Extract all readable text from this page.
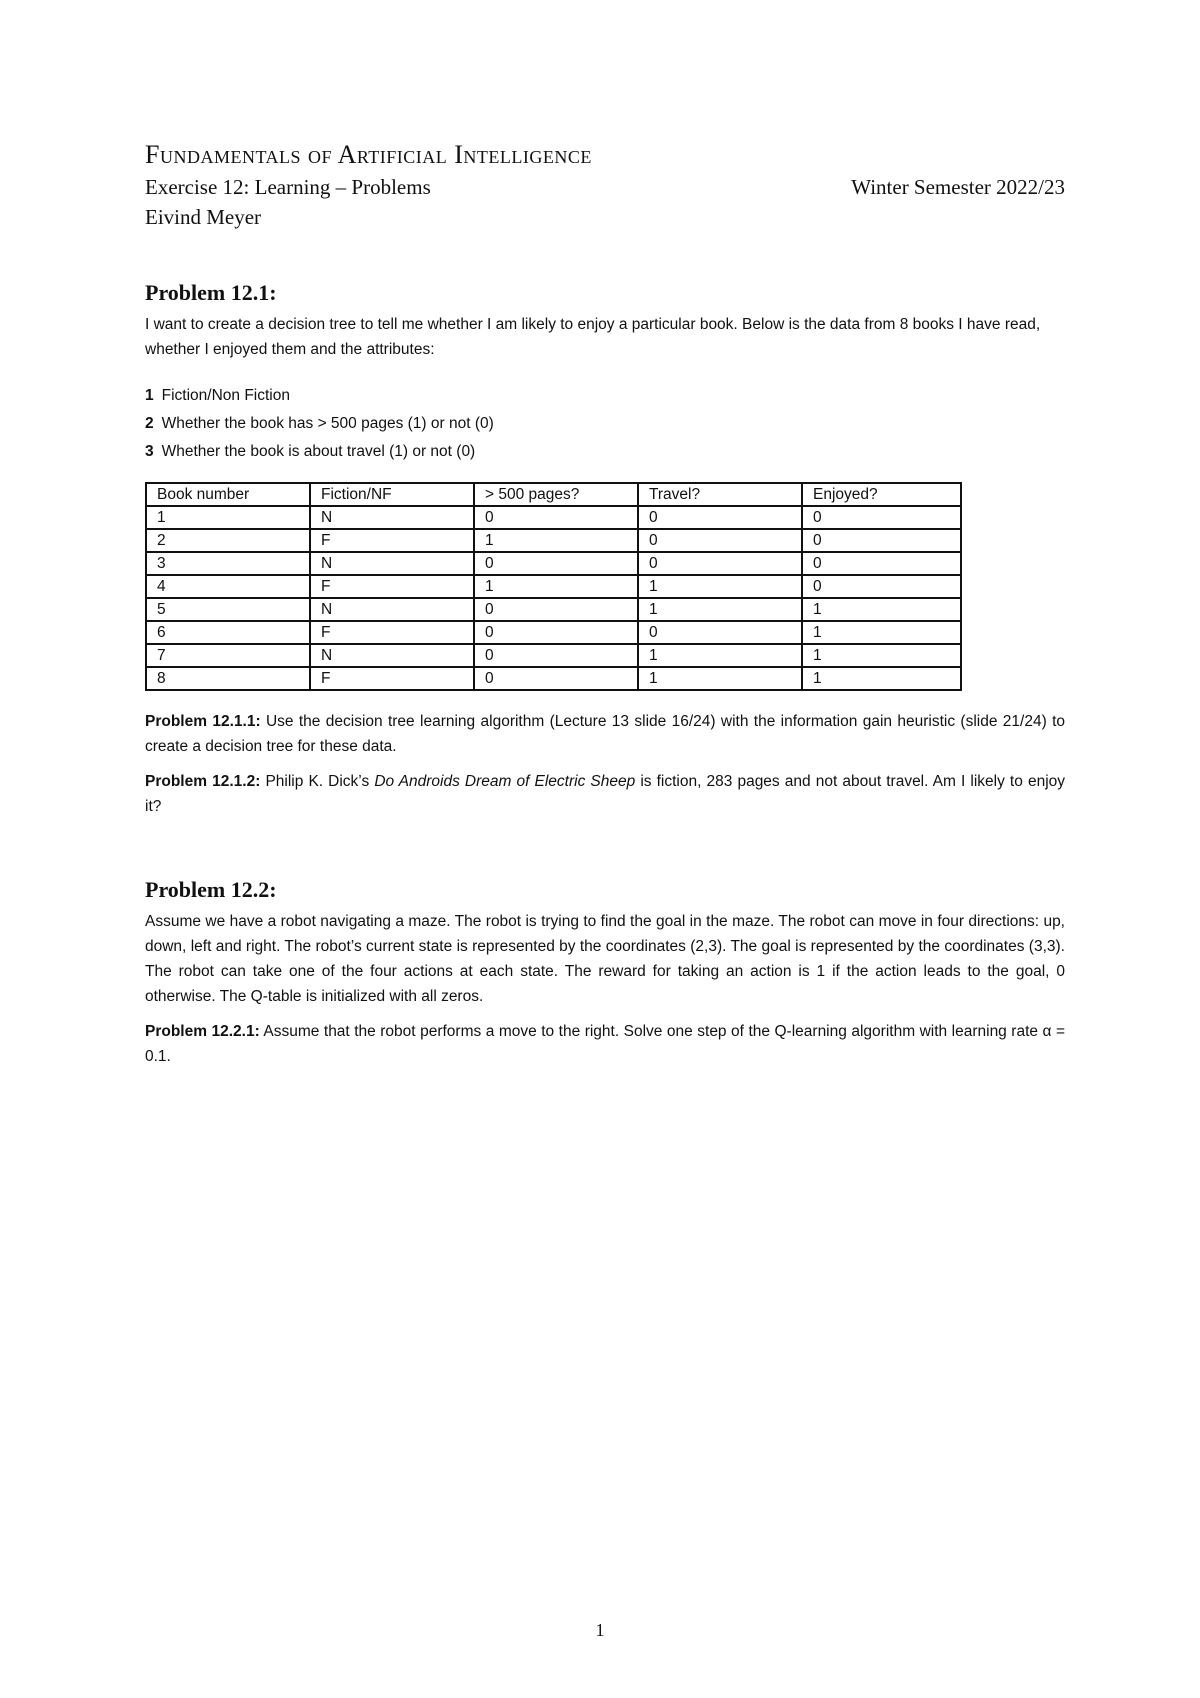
Fundamentals of Artificial Intelligence
Exercise 12: Learning – Problems	Winter Semester 2022/23
Eivind Meyer
Problem 12.1:
I want to create a decision tree to tell me whether I am likely to enjoy a particular book. Below is the data from 8 books I have read, whether I enjoyed them and the attributes:
1 Fiction/Non Fiction
2 Whether the book has > 500 pages (1) or not (0)
3 Whether the book is about travel (1) or not (0)
Book number	Fiction/NF	> 500 pages?	Travel?	Enjoyed?
1	N	0	0	0
2	F	1	0	0
3	N	0	0	0
4	F	1	1	0
5	N	0	1	1
6	F	0	0	1
7	N	0	1	1
8	F	0	1	1
Problem 12.1.1: Use the decision tree learning algorithm (Lecture 13 slide 16/24) with the information gain heuristic (slide 21/24) to create a decision tree for these data.
Problem 12.1.2: Philip K. Dick’s Do Androids Dream of Electric Sheep is fiction, 283 pages and not about travel. Am I likely to enjoy it?
Problem 12.2:
Assume we have a robot navigating a maze. The robot is trying to find the goal in the maze. The robot can move in four directions: up, down, left and right. The robot’s current state is represented by the coordinates (2,3). The goal is represented by the coordinates (3,3). The robot can take one of the four actions at each state. The reward for taking an action is 1 if the action leads to the goal, 0 otherwise. The Q-table is initialized with all zeros.
Problem 12.2.1: Assume that the robot performs a move to the right. Solve one step of the Q-learning algorithm with learning rate α = 0.1.
1
